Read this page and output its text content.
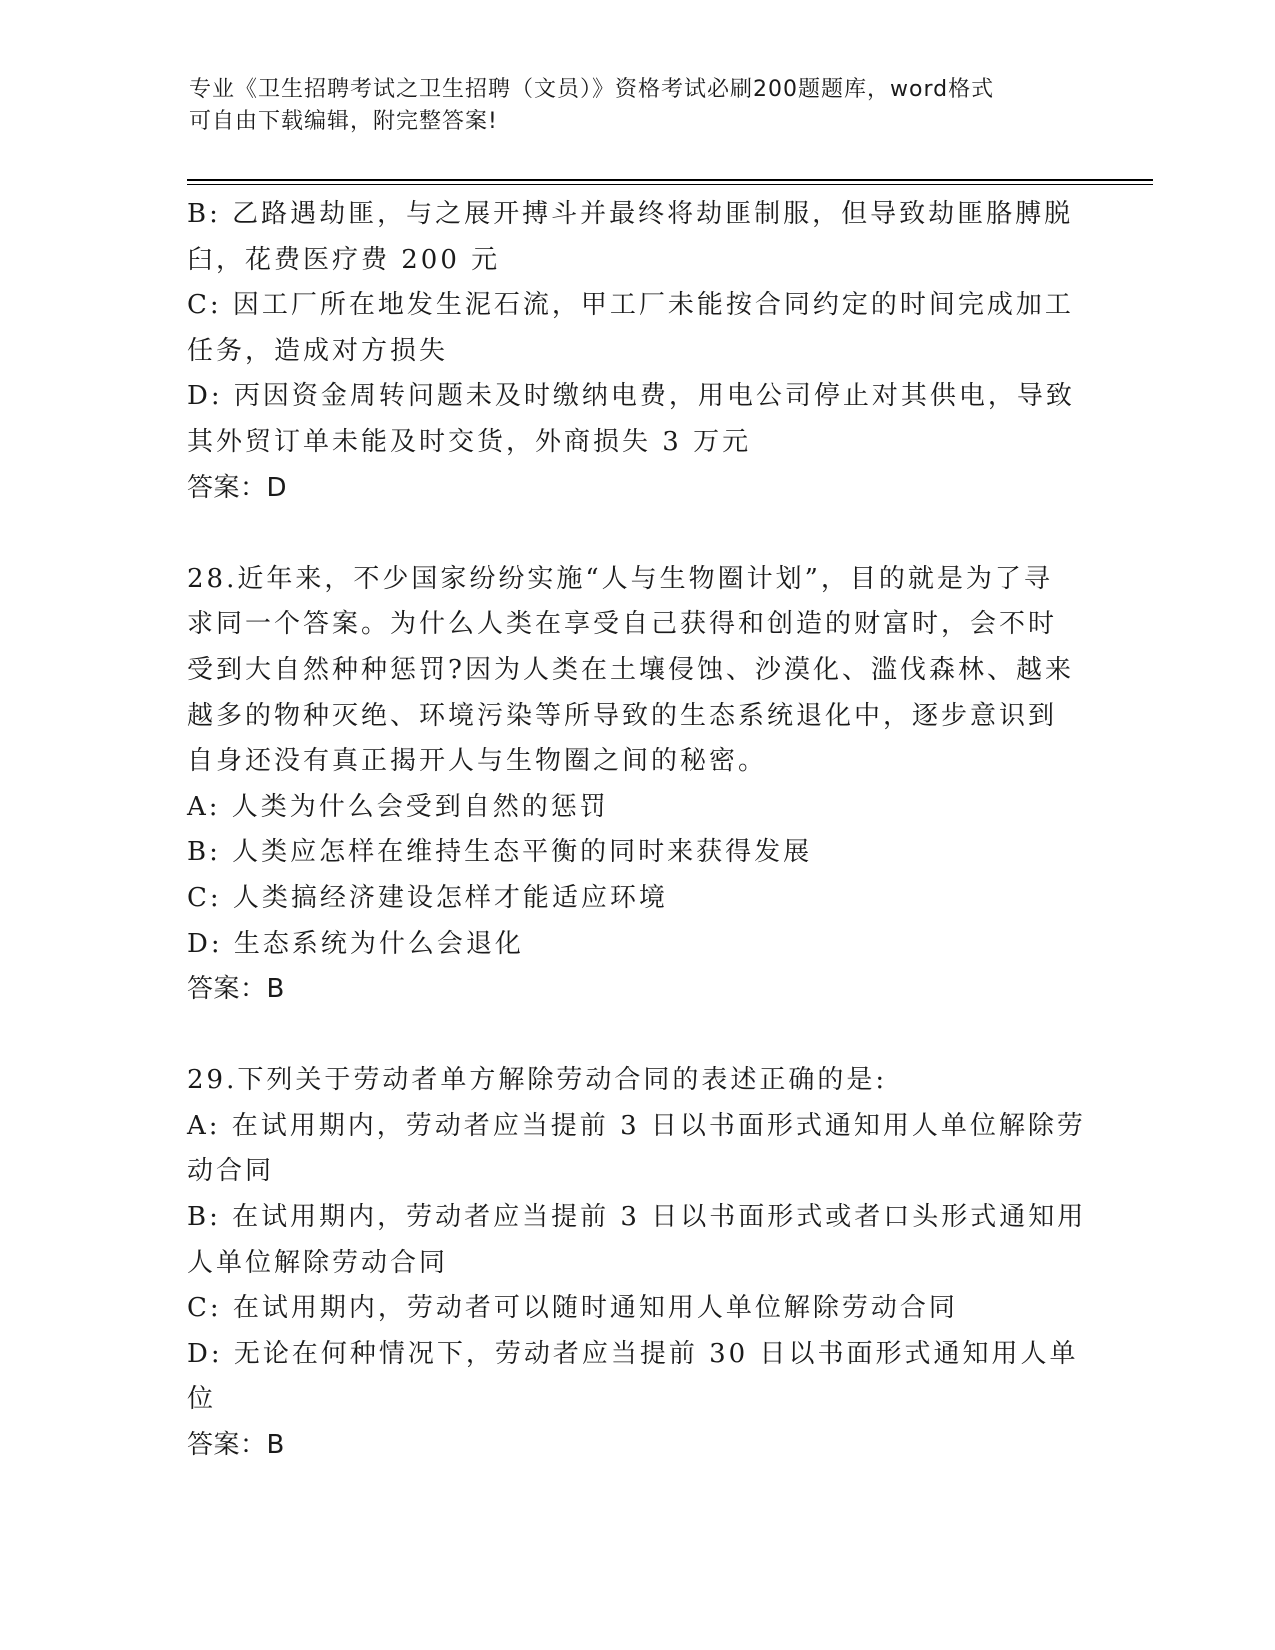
专业《卫生招聘考试之卫生招聘（文员）》资格考试必刷200题题库，word格式
可自由下载编辑，附完整答案!
B: 乙路遇劫匪，与之展开搏斗并最终将劫匪制服，但导致劫匪胳膊脱
臼，花费医疗费 200 元
C: 因工厂所在地发生泥石流，甲工厂未能按合同约定的时间完成加工
任务，造成对方损失
D: 丙因资金周转问题未及时缴纳电费，用电公司停止对其供电，导致
其外贸订单未能及时交货，外商损失 3 万元
答案：D
28.近年来，不少国家纷纷实施“人与生物圈计划”，目的就是为了寻
求同一个答案。为什么人类在享受自己获得和创造的财富时，会不时
受到大自然种种惩罚?因为人类在土壤侵蚀、沙漠化、滥伐森林、越来
越多的物种灭绝、环境污染等所导致的生态系统退化中，逐步意识到
自身还没有真正揭开人与生物圈之间的秘密。
A: 人类为什么会受到自然的惩罚
B: 人类应怎样在维持生态平衡的同时来获得发展
C: 人类搞经济建设怎样才能适应环境
D: 生态系统为什么会退化
答案：B
29.下列关于劳动者单方解除劳动合同的表述正确的是:
A: 在试用期内，劳动者应当提前 3 日以书面形式通知用人单位解除劳
动合同
B: 在试用期内，劳动者应当提前 3 日以书面形式或者口头形式通知用
人单位解除劳动合同
C: 在试用期内，劳动者可以随时通知用人单位解除劳动合同
D: 无论在何种情况下，劳动者应当提前 30 日以书面形式通知用人单
位
答案：B
